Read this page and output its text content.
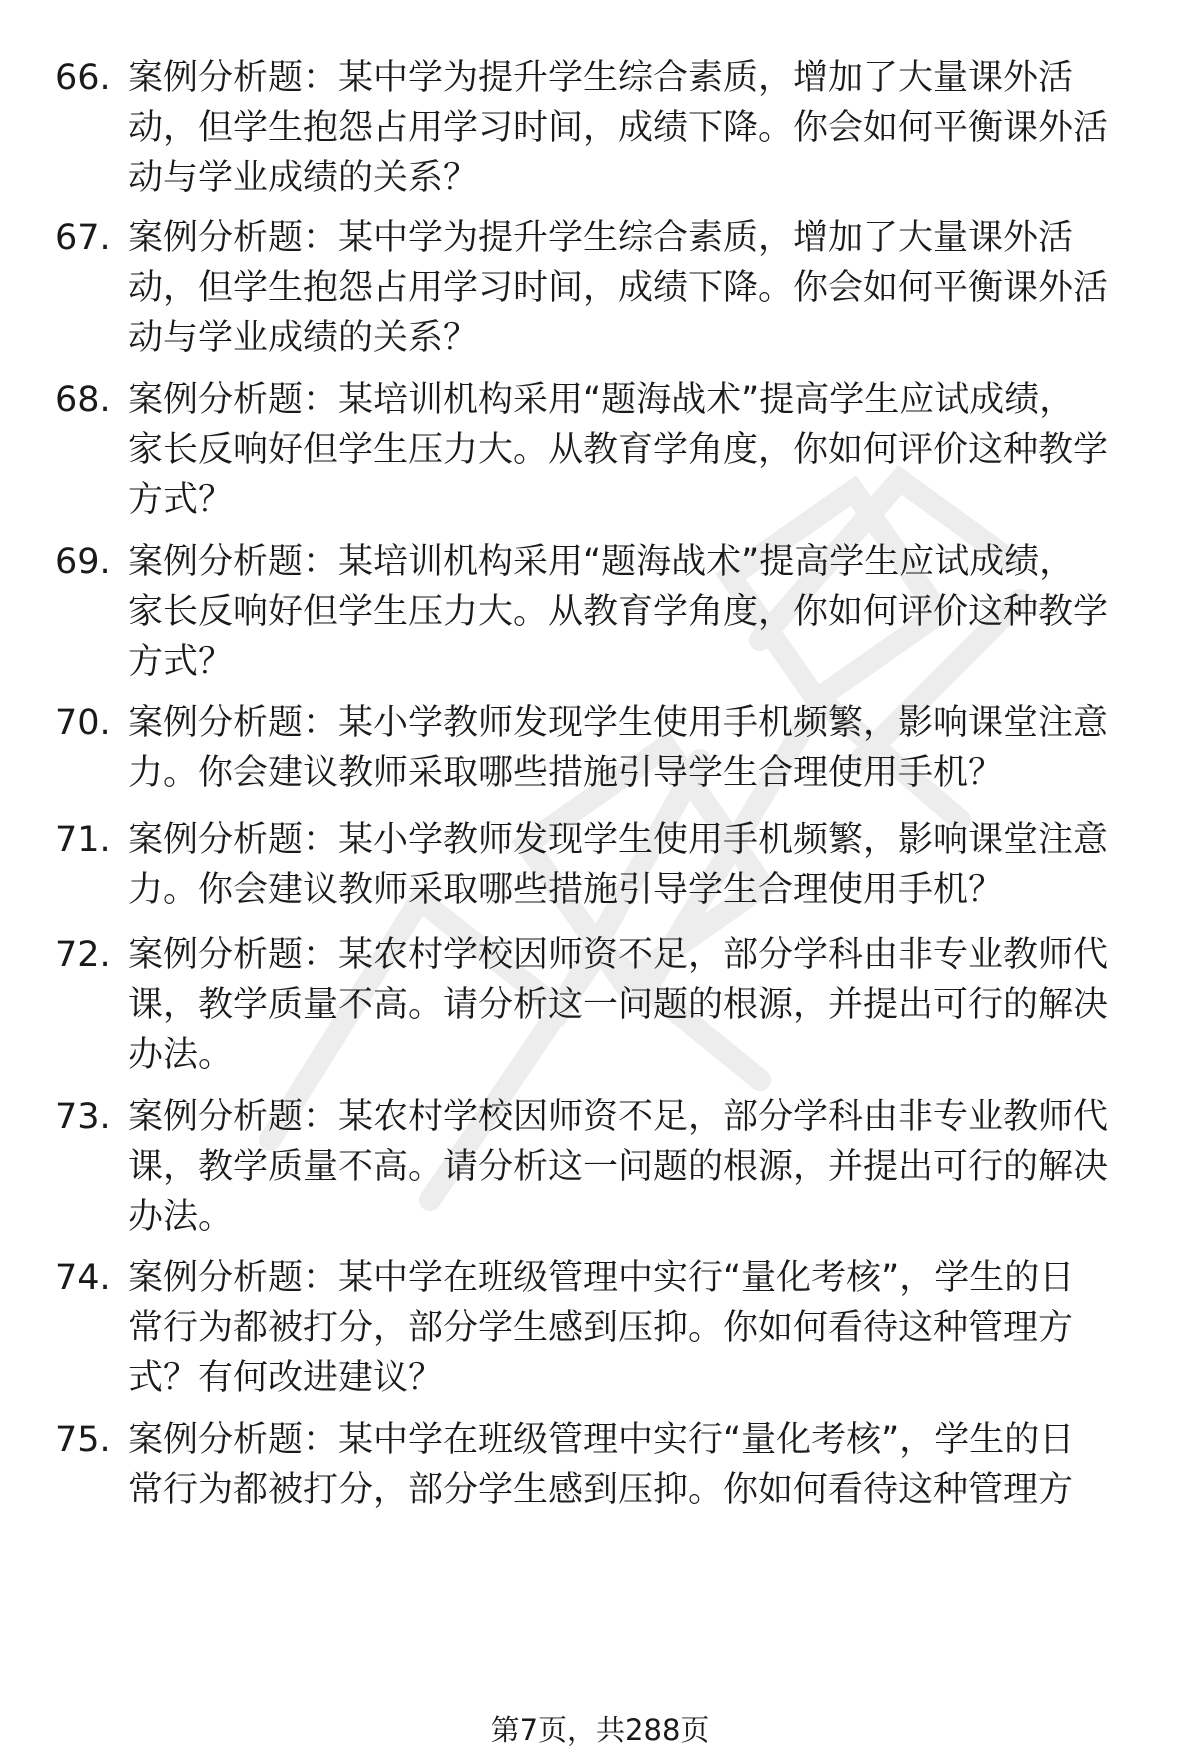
66. 案例分析题：某中学为提升学生综合素质，增加了大量课外活
动，但学生抱怨占用学习时间，成绩下降。你会如何平衡课外活
动与学业成绩的关系？
67. 案例分析题：某中学为提升学生综合素质，增加了大量课外活
动，但学生抱怨占用学习时间，成绩下降。你会如何平衡课外活
动与学业成绩的关系？
68. 案例分析题：某培训机构采用“题海战术”提高学生应试成绩，
家长反响好但学生压力大。从教育学角度，你如何评价这种教学
方式？
69. 案例分析题：某培训机构采用“题海战术”提高学生应试成绩，
家长反响好但学生压力大。从教育学角度，你如何评价这种教学
方式？
70. 案例分析题：某小学教师发现学生使用手机频繁，影响课堂注意
力。你会建议教师采取哪些措施引导学生合理使用手机？
71. 案例分析题：某小学教师发现学生使用手机频繁，影响课堂注意
力。你会建议教师采取哪些措施引导学生合理使用手机？
72. 案例分析题：某农村学校因师资不足，部分学科由非专业教师代
课，教学质量不高。请分析这一问题的根源，并提出可行的解决
办法。
73. 案例分析题：某农村学校因师资不足，部分学科由非专业教师代
课，教学质量不高。请分析这一问题的根源，并提出可行的解决
办法。
74. 案例分析题：某中学在班级管理中实行“量化考核”，学生的日
常行为都被打分，部分学生感到压抑。你如何看待这种管理方
式？有何改进建议？
75. 案例分析题：某中学在班级管理中实行“量化考核”，学生的日
常行为都被打分，部分学生感到压抑。你如何看待这种管理方
第7页，共288页
